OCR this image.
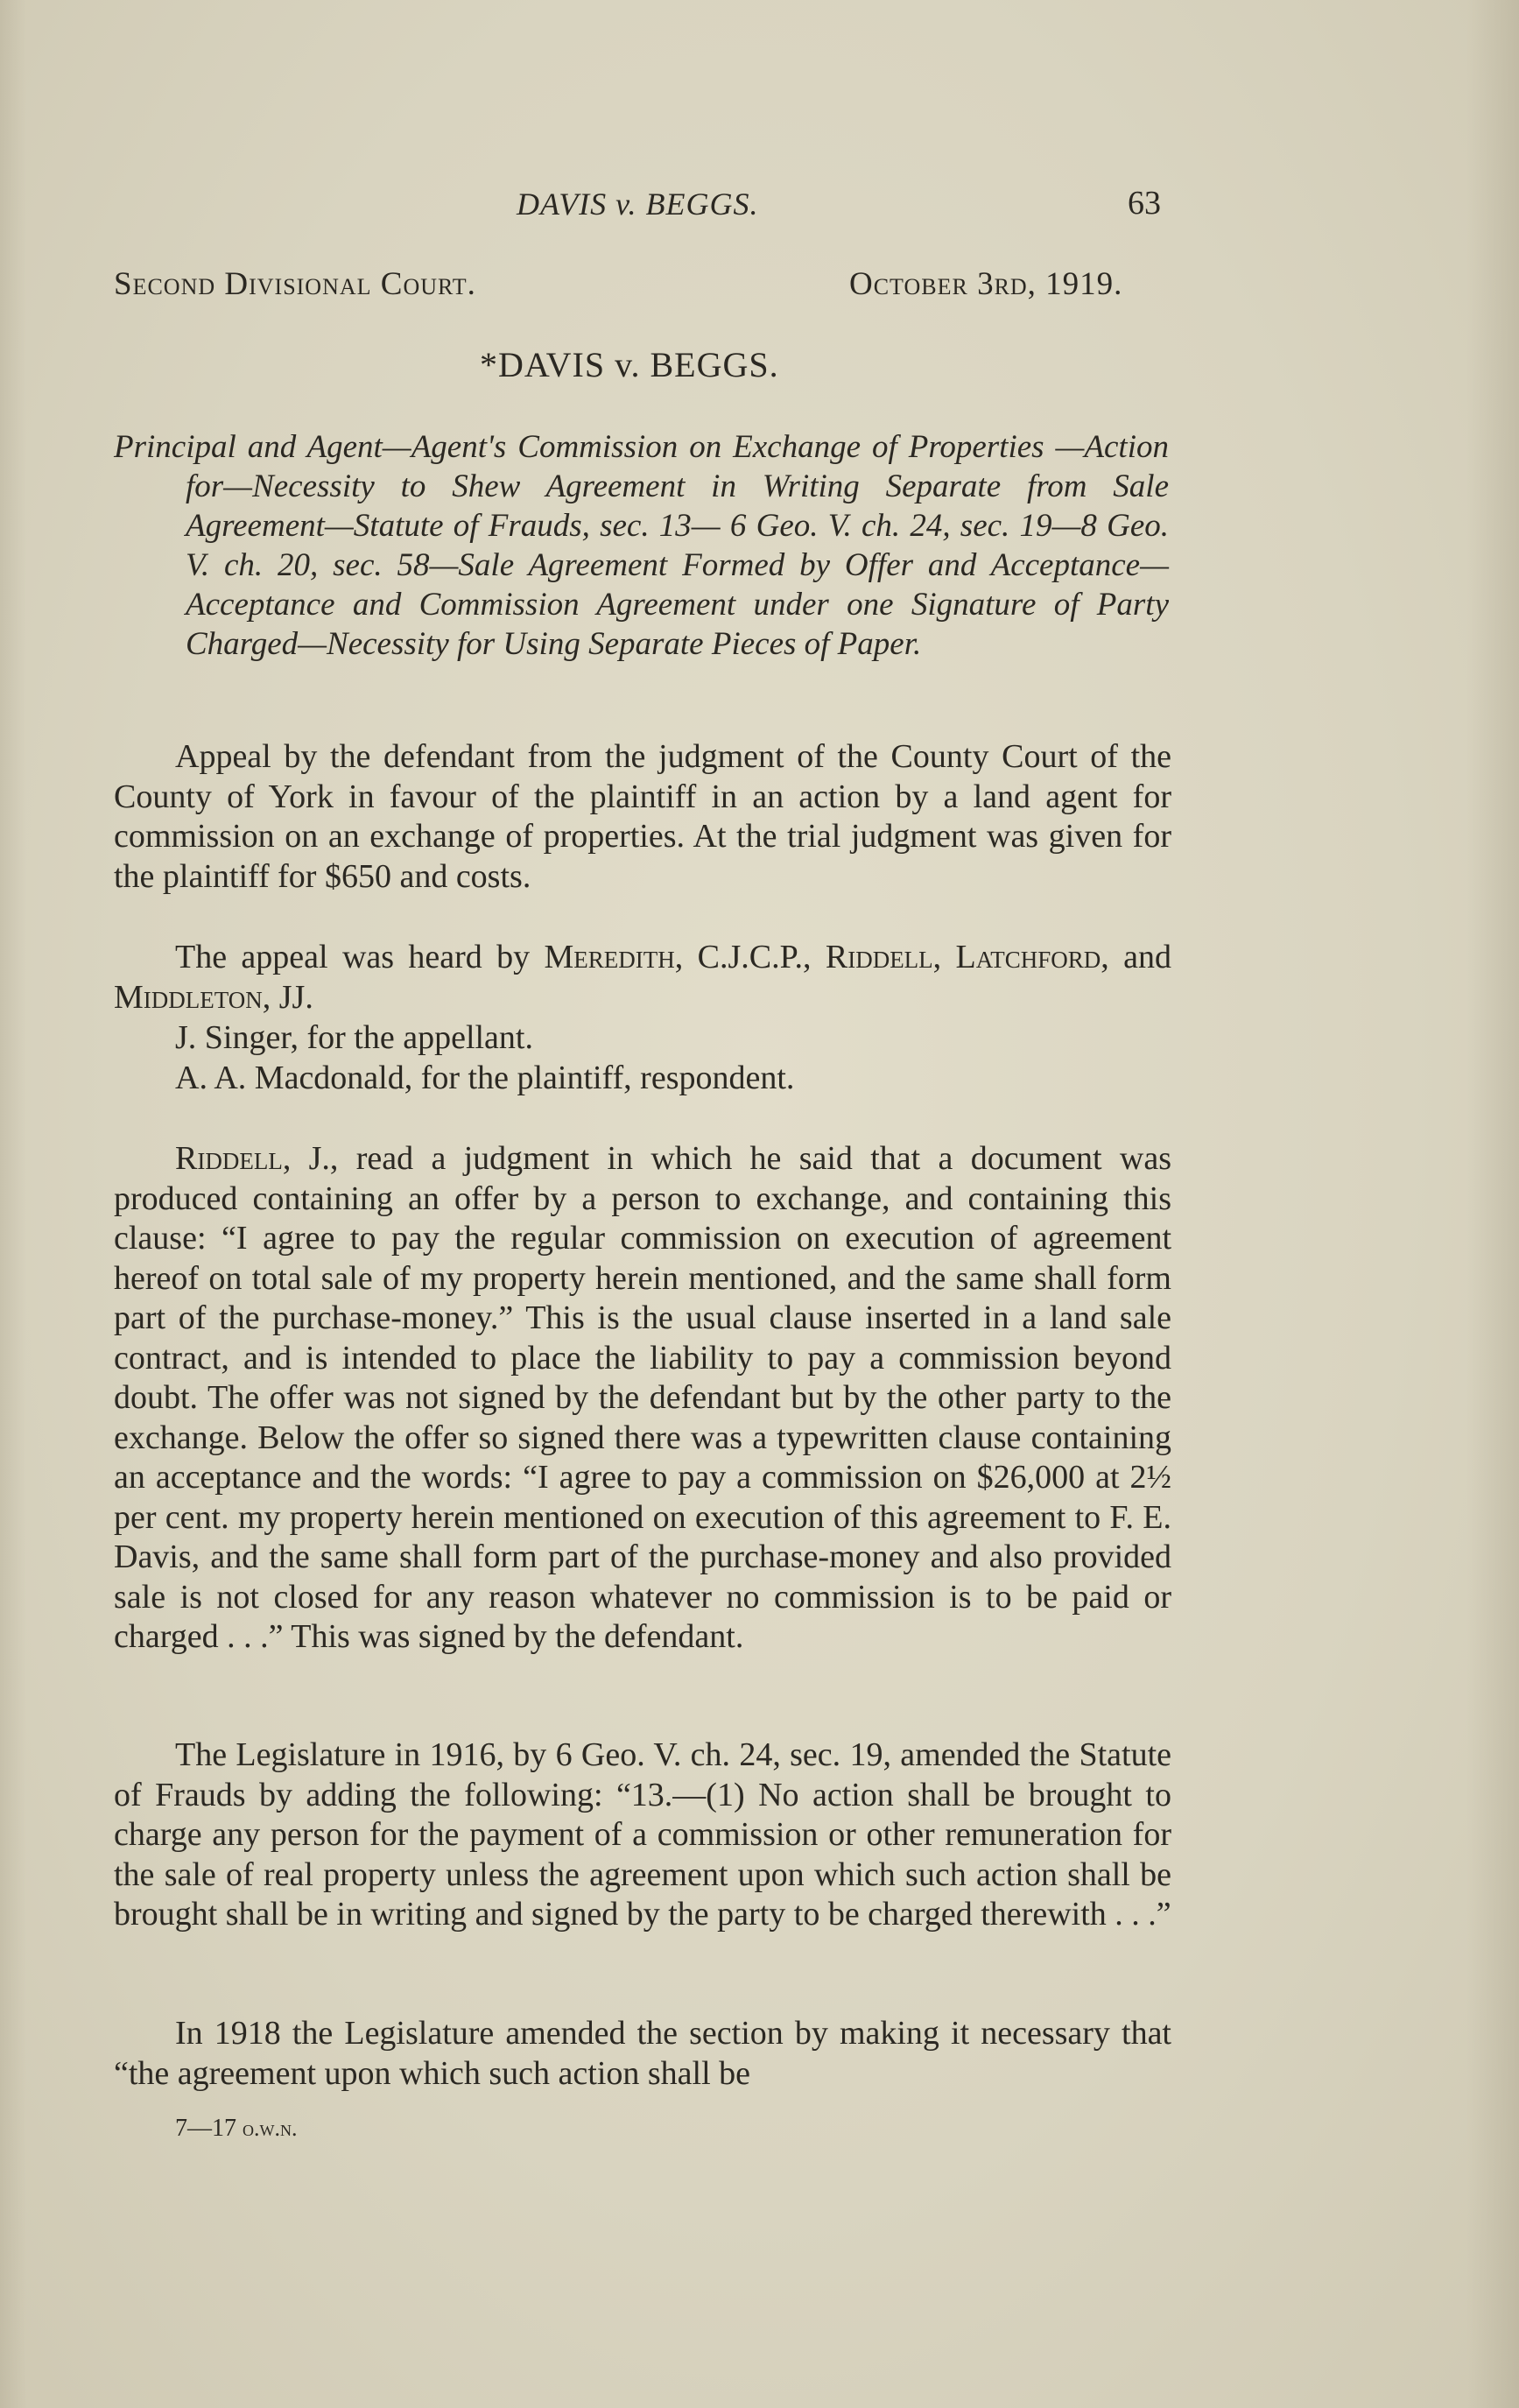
DAVIS v. BEGGS.	63
Second Divisional Court.	October 3rd, 1919.
*DAVIS v. BEGGS.

Principal and Agent—Agent's Commission on Exchange of Properties —Action for—Necessity to Shew Agreement in Writing Separate from Sale Agreement—Statute of Frauds, sec. 13— 6 Geo. V. ch. 24, sec. 19—8 Geo. V. ch. 20, sec. 58—Sale Agreement Formed by Offer and Acceptance—Acceptance and Commission Agreement under one Signature of Party Charged—Necessity for Using Separate Pieces of Paper.

Appeal by the defendant from the judgment of the County Court of the County of York in favour of the plaintiff in an action by a land agent for commission on an exchange of properties. At the trial judgment was given for the plaintiff for $650 and costs.

The appeal was heard by Meredith, C.J.C.P., Riddell, Latchford, and Middleton, JJ.

J. Singer, for the appellant.

A. A. Macdonald, for the plaintiff, respondent.

Riddell, J., read a judgment in which he said that a document was produced containing an offer by a person to exchange, and containing this clause: “I agree to pay the regular commission on execution of agreement hereof on total sale of my property herein mentioned, and the same shall form part of the purchase-money.” This is the usual clause inserted in a land sale contract, and is intended to place the liability to pay a commission beyond doubt. The offer was not signed by the defendant but by the other party to the exchange. Below the offer so signed there was a typewritten clause containing an acceptance and the words: “I agree to pay a commission on $26,000 at 2½ per cent. my property herein mentioned on execution of this agreement to F. E. Davis, and the same shall form part of the purchase-money and also provided sale is not closed for any reason whatever no commission is to be paid or charged . . .” This was signed by the defendant.

The Legislature in 1916, by 6 Geo. V. ch. 24, sec. 19, amended the Statute of Frauds by adding the following: “13.—(1) No action shall be brought to charge any person for the payment of a commission or other remuneration for the sale of real property unless the agreement upon which such action shall be brought shall be in writing and signed by the party to be charged therewith . . .”

In 1918 the Legislature amended the section by making it necessary that “the agreement upon which such action shall be

7—17 o.w.n.
